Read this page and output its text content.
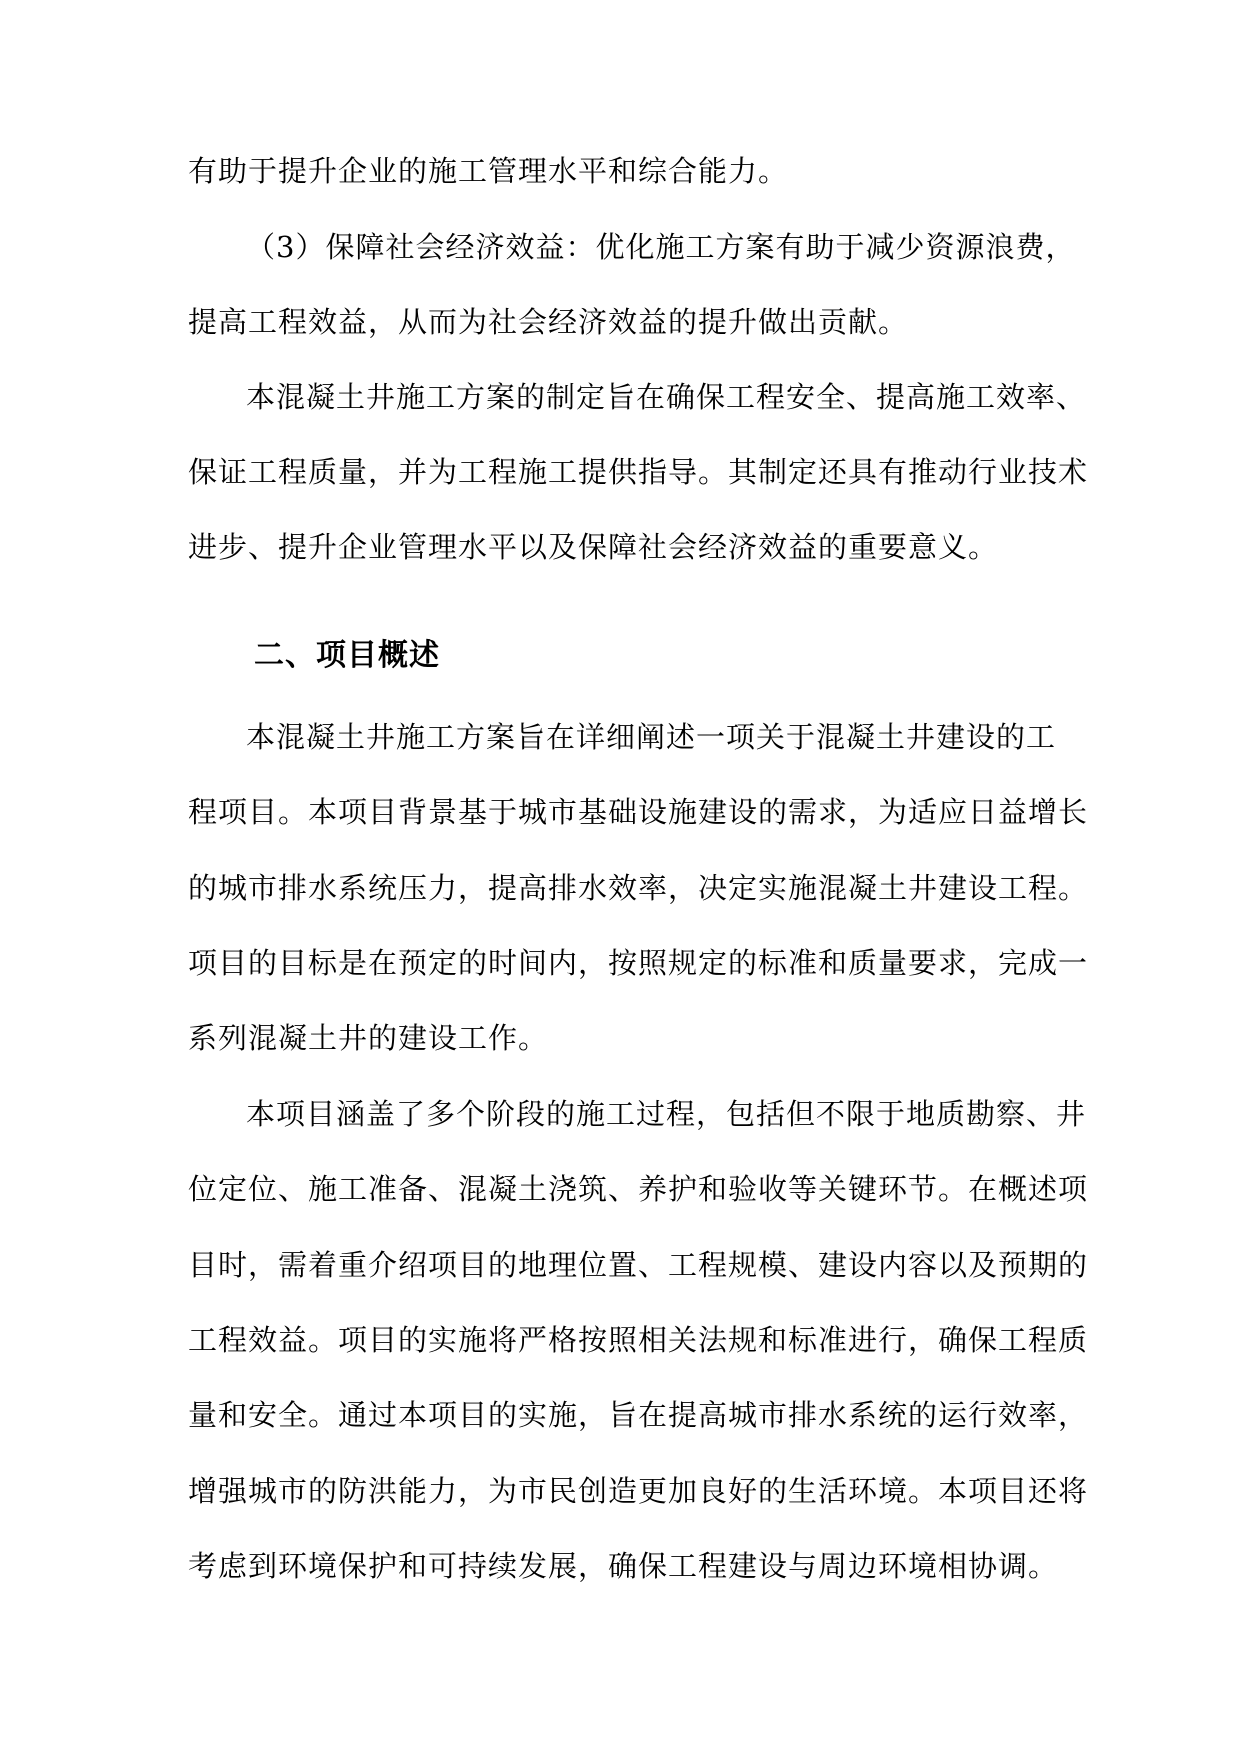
有助于提升企业的施工管理水平和综合能力。
（3）保障社会经济效益：优化施工方案有助于减少资源浪费，
提高工程效益，从而为社会经济效益的提升做出贡献。
本混凝土井施工方案的制定旨在确保工程安全、提高施工效率、
保证工程质量，并为工程施工提供指导。其制定还具有推动行业技术
进步、提升企业管理水平以及保障社会经济效益的重要意义。
二、项目概述
本混凝土井施工方案旨在详细阐述一项关于混凝土井建设的工
程项目。本项目背景基于城市基础设施建设的需求，为适应日益增长
的城市排水系统压力，提高排水效率，决定实施混凝土井建设工程。
项目的目标是在预定的时间内，按照规定的标准和质量要求，完成一
系列混凝土井的建设工作。
本项目涵盖了多个阶段的施工过程，包括但不限于地质勘察、井
位定位、施工准备、混凝土浇筑、养护和验收等关键环节。在概述项
目时，需着重介绍项目的地理位置、工程规模、建设内容以及预期的
工程效益。项目的实施将严格按照相关法规和标准进行，确保工程质
量和安全。通过本项目的实施，旨在提高城市排水系统的运行效率，
增强城市的防洪能力，为市民创造更加良好的生活环境。本项目还将
考虑到环境保护和可持续发展，确保工程建设与周边环境相协调。
